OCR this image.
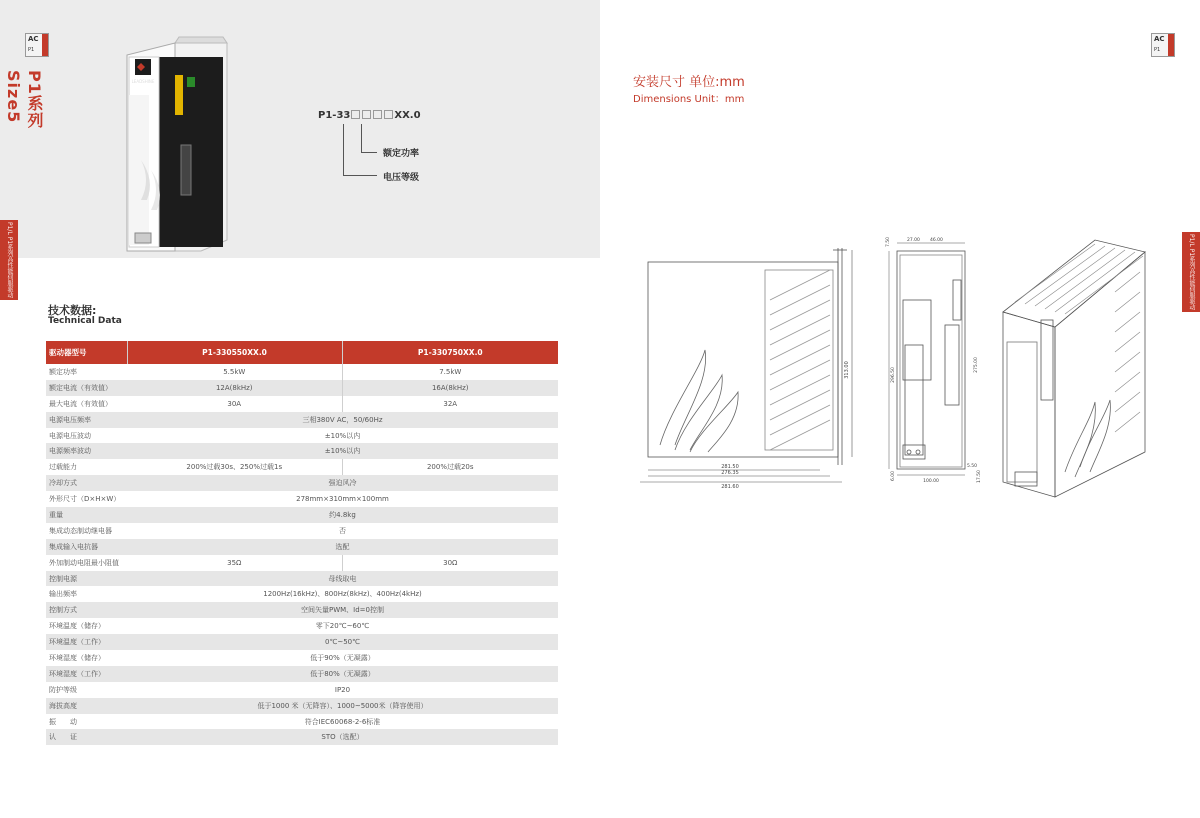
AC
P1
P1系列 Size5
P1/L P1系列高性能伺服驱动
LEADSHINE
P1-33	XX.0
额定功率
电压等级
技术数据:
Technical Data
驱动器型号	P1-330550XX.0	P1-330750XX.0
额定功率	5.5kW	7.5kW
额定电流（有效值）	12A(8kHz)	16A(8kHz)
最大电流（有效值）	30A	32A
电源电压频率	三相380V AC，50/60Hz	
电源电压波动	±10%以内	
电源频率波动	±10%以内	
过载能力	200%过载30s、250%过载1s	200%过载20s
冷却方式	强迫风冷	
外形尺寸（D×H×W）	278mm×310mm×100mm	
重量	约4.8kg	
集成动态制动继电器	否	
集成输入电抗器	选配	
外加制动电阻最小阻值	35Ω	30Ω
控制电源	母线取电	
输出频率	1200Hz(16kHz)、800Hz(8kHz)、400Hz(4kHz)	
控制方式	空间矢量PWM、Id=0控制	
环境温度（储存）	零下20℃~60℃	
环境温度（工作）	0℃~50℃	
环境湿度（储存）	低于90%（无凝露）	
环境湿度（工作）	低于80%（无凝露）	
防护等级	IP20	
海拔高度	低于1000 米（无降容）、1000~5000米（降容使用）	
振　　动	符合IEC60068-2-6标准	
认　　证	STO（选配）	
AC
P1
P1/L P1系列高性能伺服驱动器
安装尺寸 单位:mm
Dimensions Unit：mm
281.50
276.35
281.60
313.00
27.00 46.00
5.50
7.50
17.50
296.50
275.00
6.00
100.00
